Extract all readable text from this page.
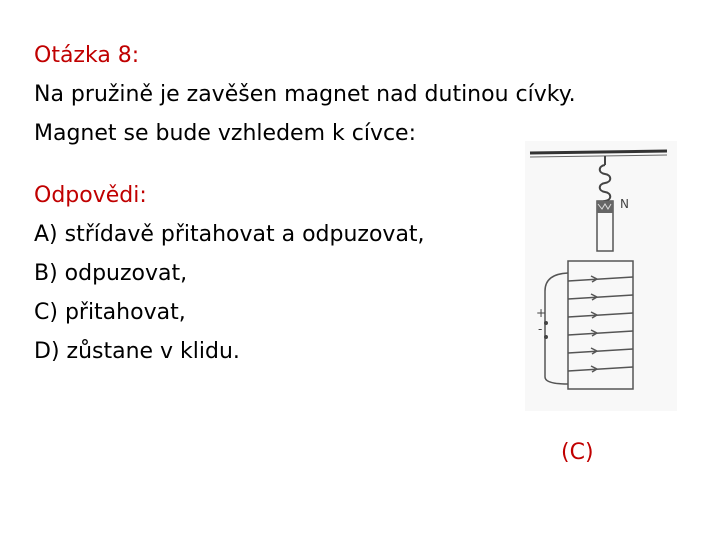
Otázka 8:
Na pružině je zavěšen magnet nad dutinou cívky.
Magnet se bude vzhledem k cívce:
Odpovědi:
A) střídavě přitahovat a odpuzovat,
B) odpuzovat,
C) přitahovat,
D) zůstane v klidu.
N
+
-
(C)
